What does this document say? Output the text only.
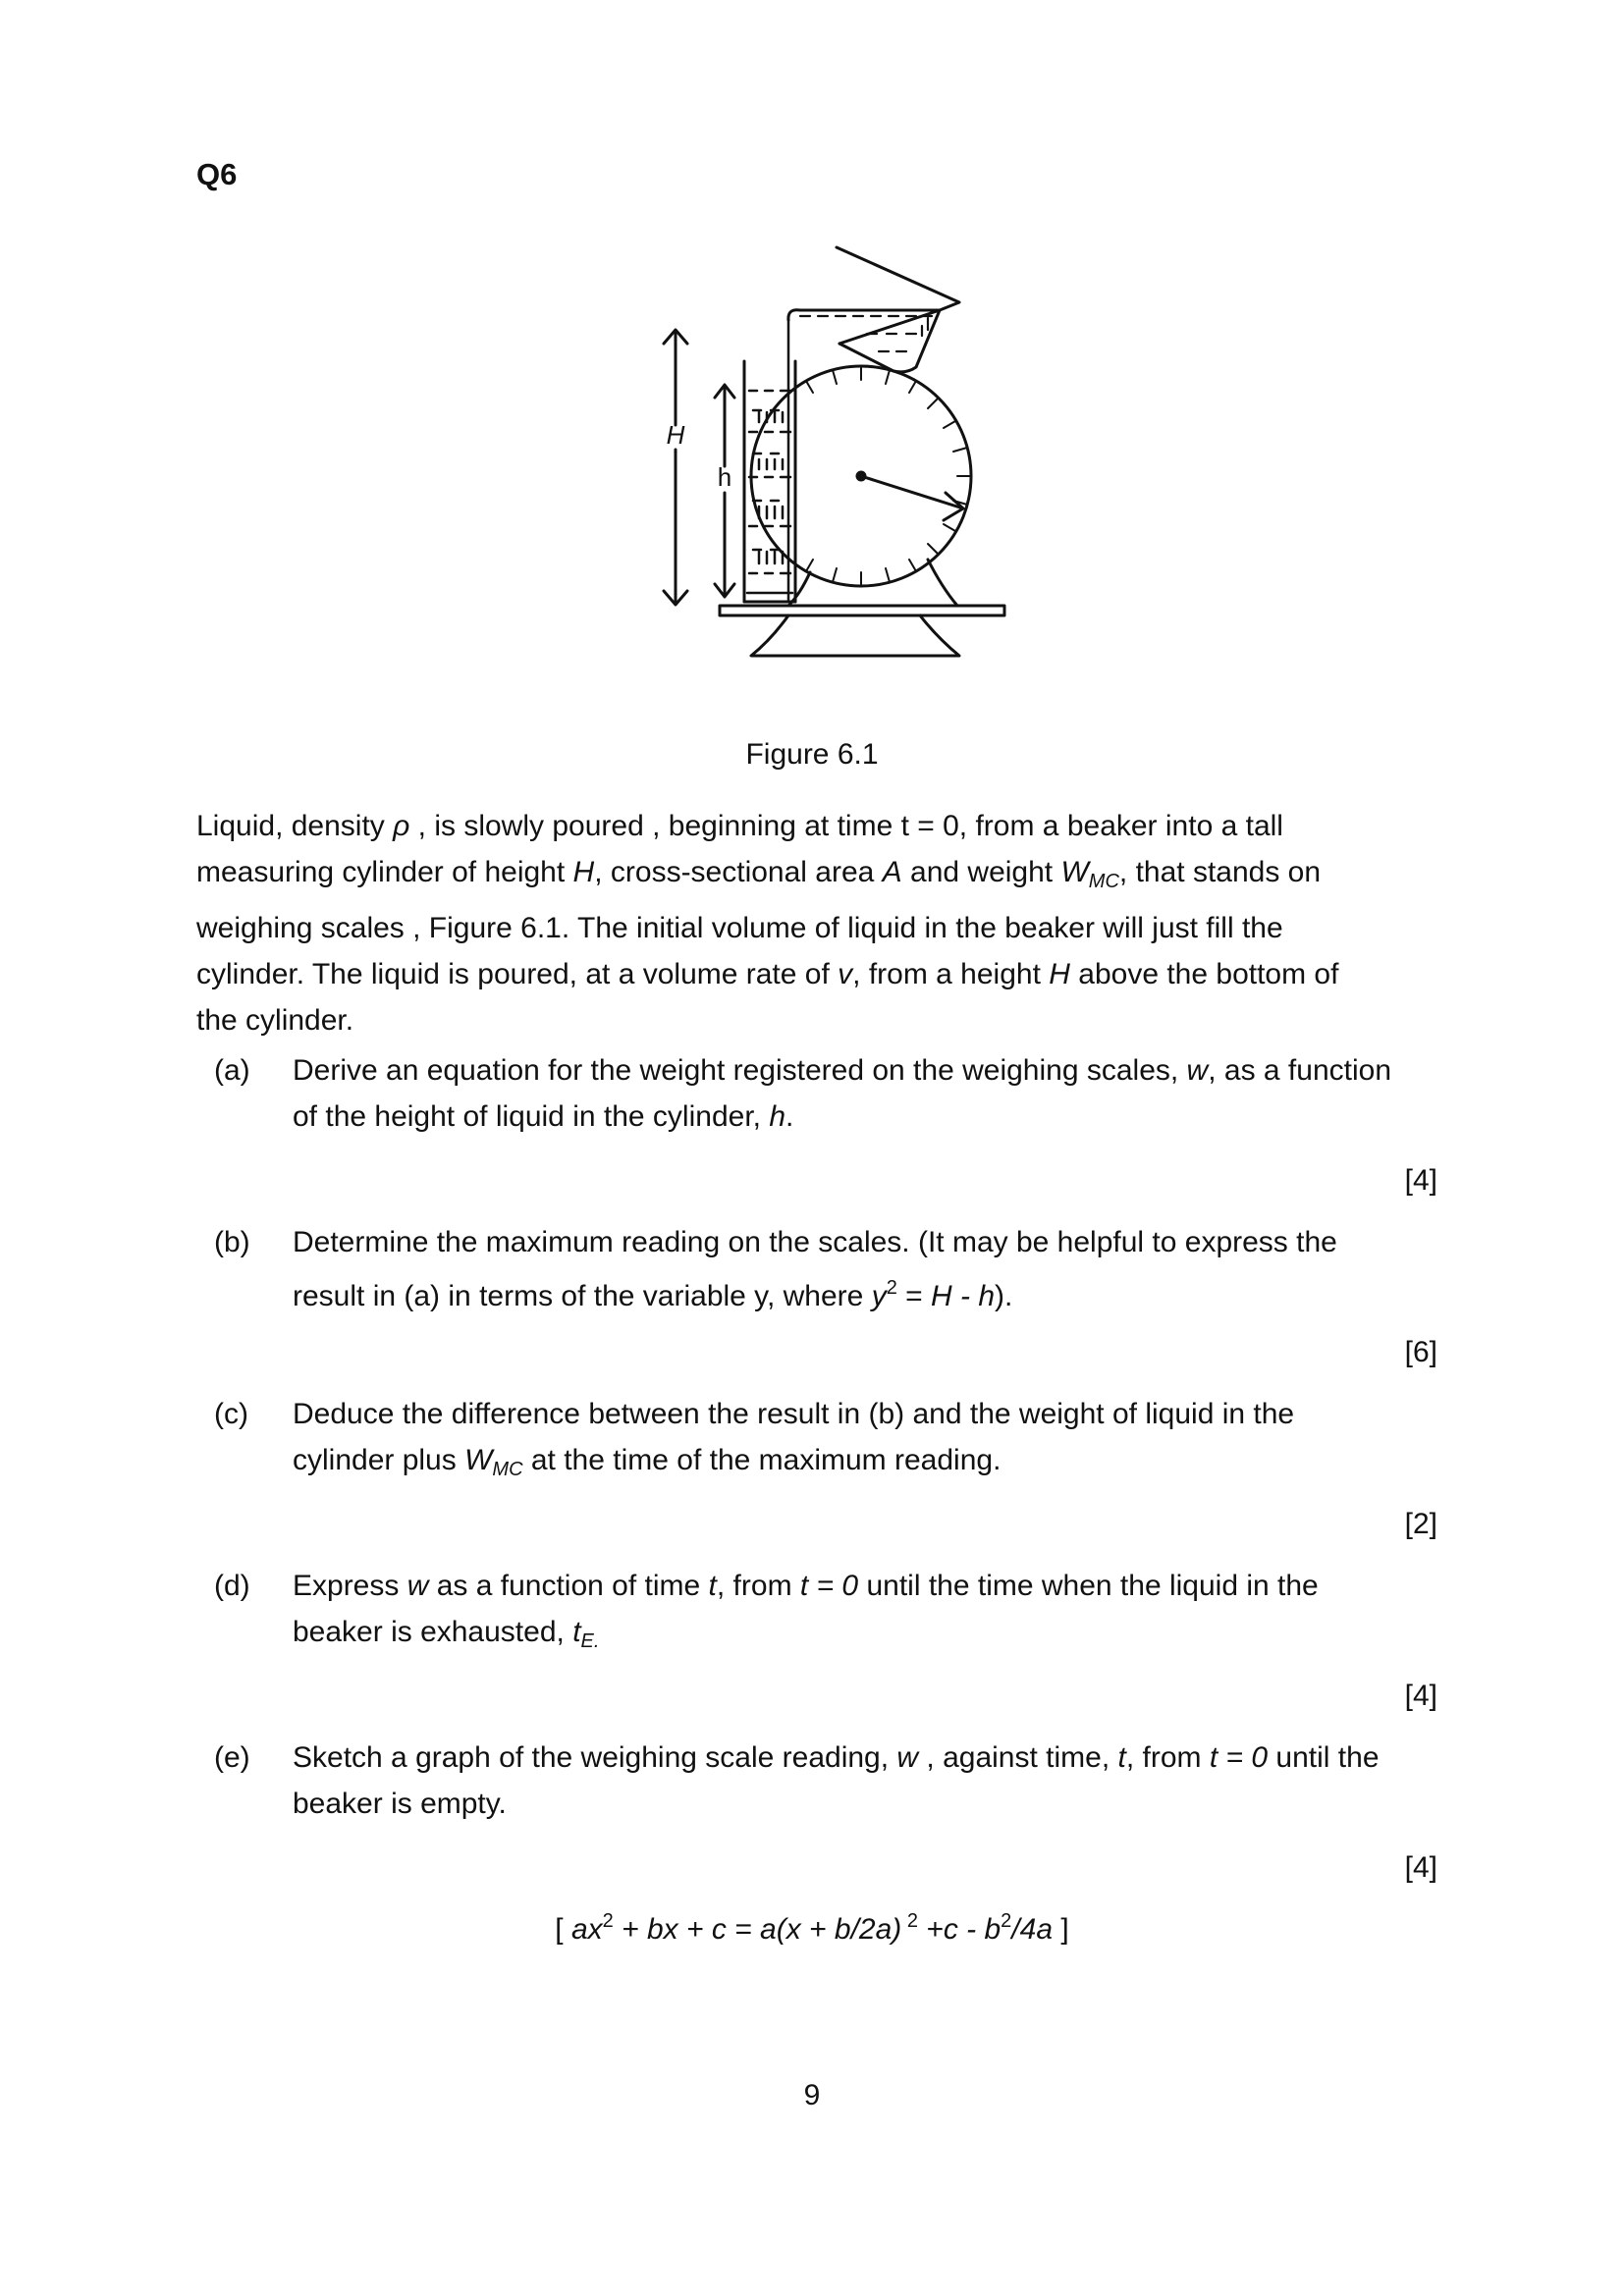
Q6
H
h
Figure 6.1

Liquid, density ρ , is slowly poured , beginning at time t = 0, from a beaker into a tall

measuring cylinder of height H, cross-sectional area A and weight $W_{MC}$, that stands on

weighing scales , Figure 6.1. The initial volume of liquid in the beaker will just fill the

cylinder. The liquid is poured, at a volume rate of v, from a height H above the bottom of

the cylinder.

(a) Derive an equation for the weight registered on the weighing scales, w, as a function
of the height of liquid in the cylinder, h.
[4]
(b) Determine the maximum reading on the scales. (It may be helpful to express the
result in (a) in terms of the variable y, where $y^2 = H - h$).
[6]
(c) Deduce the difference between the result in (b) and the weight of liquid in the
cylinder plus $W_{MC}$ at the time of the maximum reading.
[2]
(d) Express w as a function of time t, from t = 0 until the time when the liquid in the
beaker is exhausted, $t_{E.}$
[4]
(e) Sketch a graph of the weighing scale reading, w , against time, t, from t = 0 until the
beaker is empty.
[4]
[ $ax^2$ + bx + c = a(x + b/2a) $^2 +c - b^2/4a$ ]
9
